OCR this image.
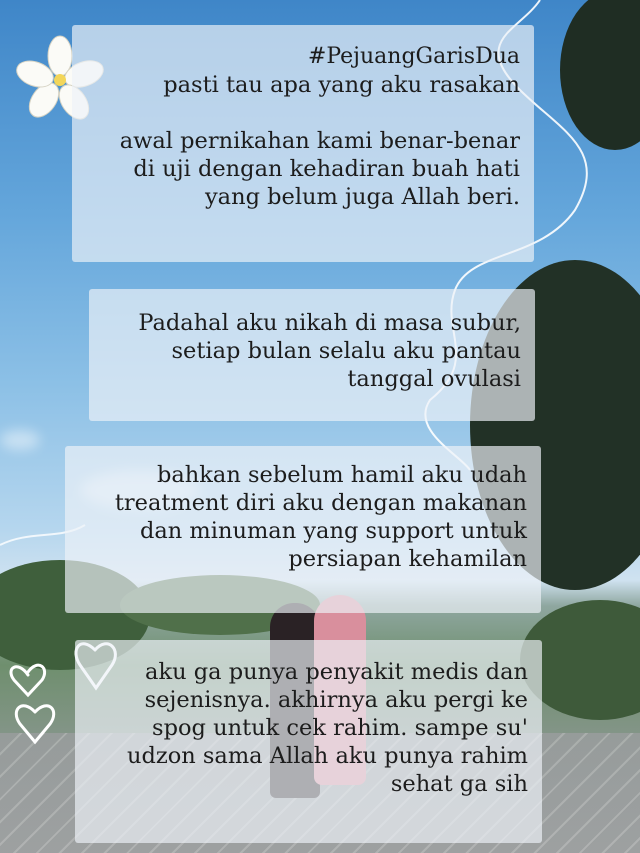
#PejuangGarisDua

pasti tau apa yang aku rasakan

awal pernikahan kami benar-benar

di uji dengan kehadiran buah hati

yang belum juga Allah beri.

Padahal aku nikah di masa subur,

setiap bulan selalu aku pantau

tanggal ovulasi

bahkan sebelum hamil aku udah

treatment diri aku dengan makanan

dan minuman yang support untuk

persiapan kehamilan

aku ga punya penyakit medis dan

sejenisnya. akhirnya aku pergi ke

spog untuk cek rahim. sampe su'

udzon sama Allah aku punya rahim

sehat ga sih
